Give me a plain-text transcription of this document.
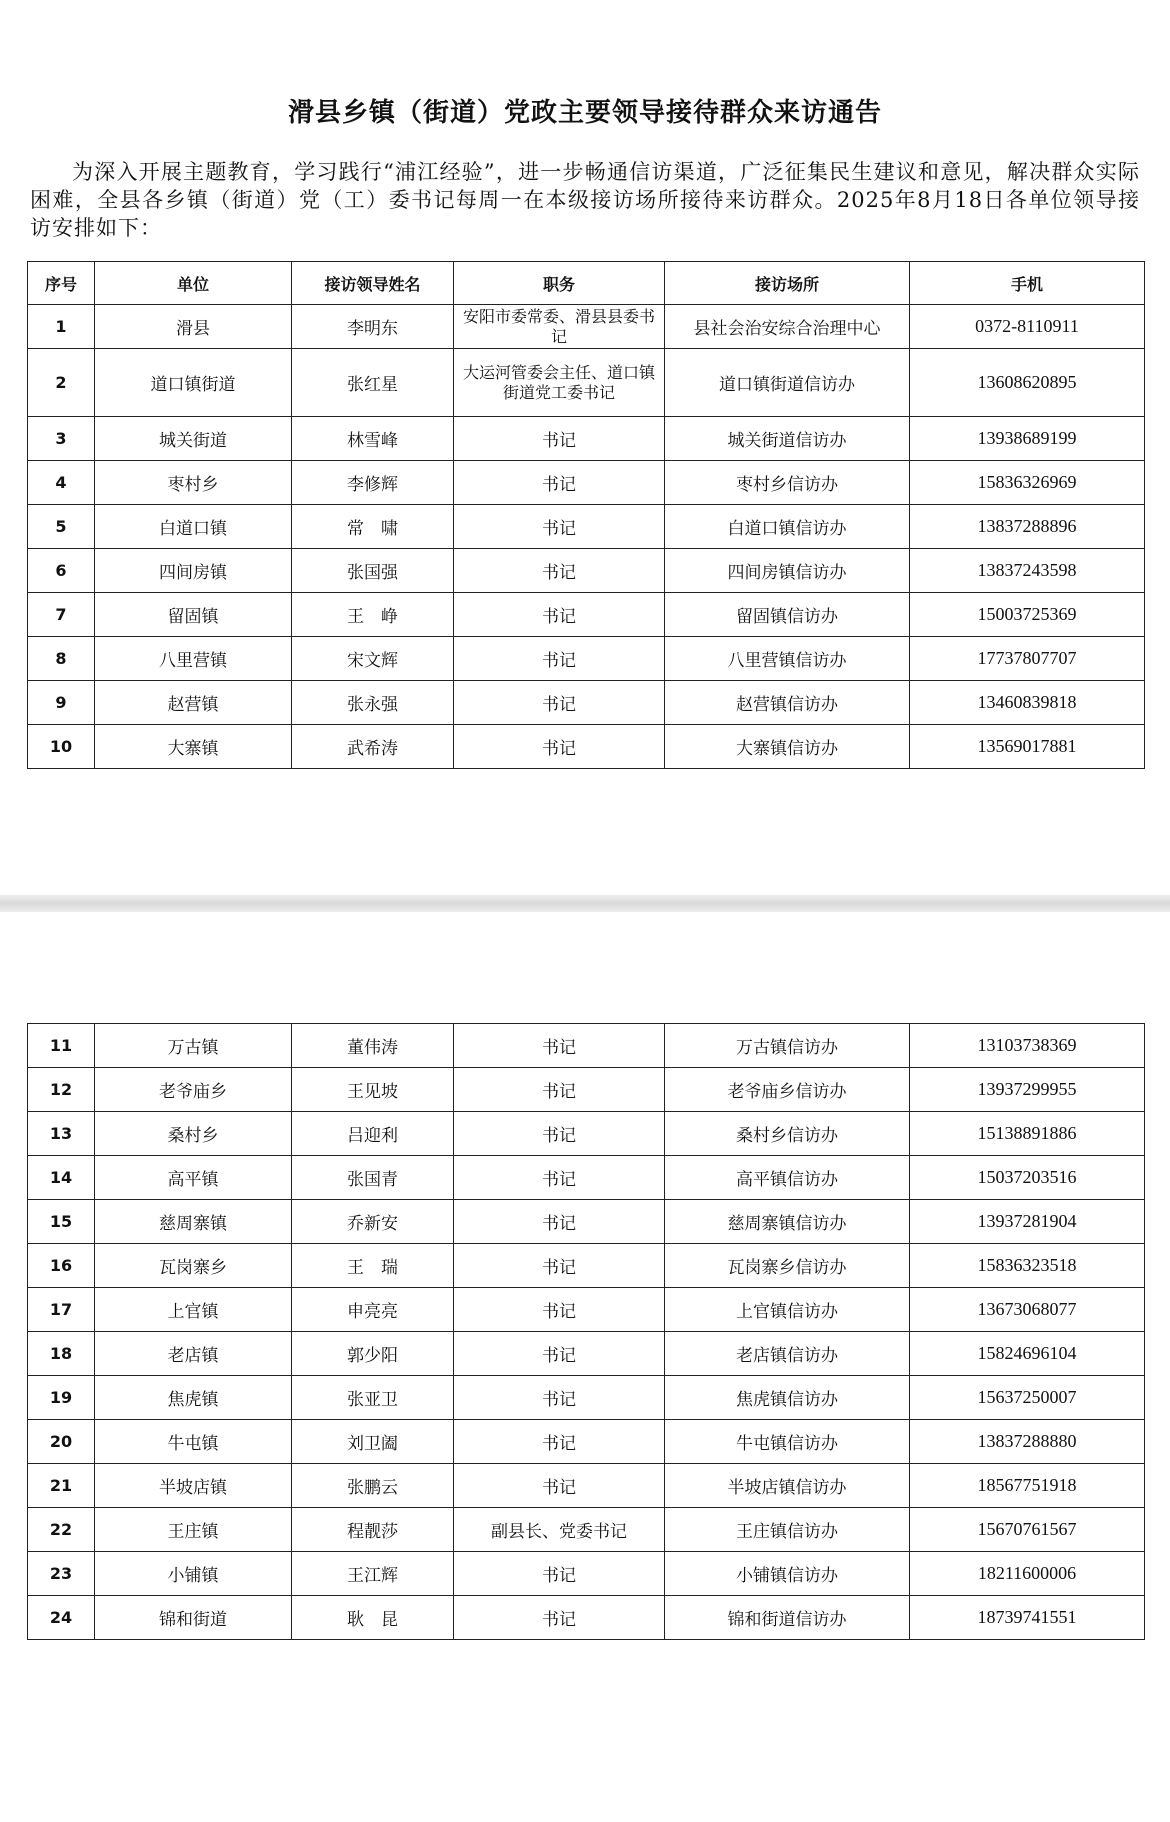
滑县乡镇（街道）党政主要领导接待群众来访通告
为深入开展主题教育，学习践行“浦江经验”，进一步畅通信访渠道，广泛征集民生建议和意见，解决群众实际困难，全县各乡镇（街道）党（工）委书记每周一在本级接访场所接待来访群众。2025年8月18日各单位领导接访安排如下：
序号	单位	接访领导姓名	职务	接访场所	手机
1	滑县	李明东	安阳市委常委、滑县县委书记	县社会治安综合治理中心	0372-8110911
2	道口镇街道	张红星	大运河管委会主任、道口镇街道党工委书记	道口镇街道信访办	13608620895
3	城关街道	林雪峰	书记	城关街道信访办	13938689199
4	枣村乡	李修辉	书记	枣村乡信访办	15836326969
5	白道口镇	常　啸	书记	白道口镇信访办	13837288896
6	四间房镇	张国强	书记	四间房镇信访办	13837243598
7	留固镇	王　峥	书记	留固镇信访办	15003725369
8	八里营镇	宋文辉	书记	八里营镇信访办	17737807707
9	赵营镇	张永强	书记	赵营镇信访办	13460839818
10	大寨镇	武希涛	书记	大寨镇信访办	13569017881
11	万古镇	董伟涛	书记	万古镇信访办	13103738369
12	老爷庙乡	王见坡	书记	老爷庙乡信访办	13937299955
13	桑村乡	吕迎利	书记	桑村乡信访办	15138891886
14	高平镇	张国青	书记	高平镇信访办	15037203516
15	慈周寨镇	乔新安	书记	慈周寨镇信访办	13937281904
16	瓦岗寨乡	王　瑞	书记	瓦岗寨乡信访办	15836323518
17	上官镇	申亮亮	书记	上官镇信访办	13673068077
18	老店镇	郭少阳	书记	老店镇信访办	15824696104
19	焦虎镇	张亚卫	书记	焦虎镇信访办	15637250007
20	牛屯镇	刘卫阖	书记	牛屯镇信访办	13837288880
21	半坡店镇	张鹏云	书记	半坡店镇信访办	18567751918
22	王庄镇	程靓莎	副县长、党委书记	王庄镇信访办	15670761567
23	小铺镇	王江辉	书记	小铺镇信访办	18211600006
24	锦和街道	耿　昆	书记	锦和街道信访办	18739741551
